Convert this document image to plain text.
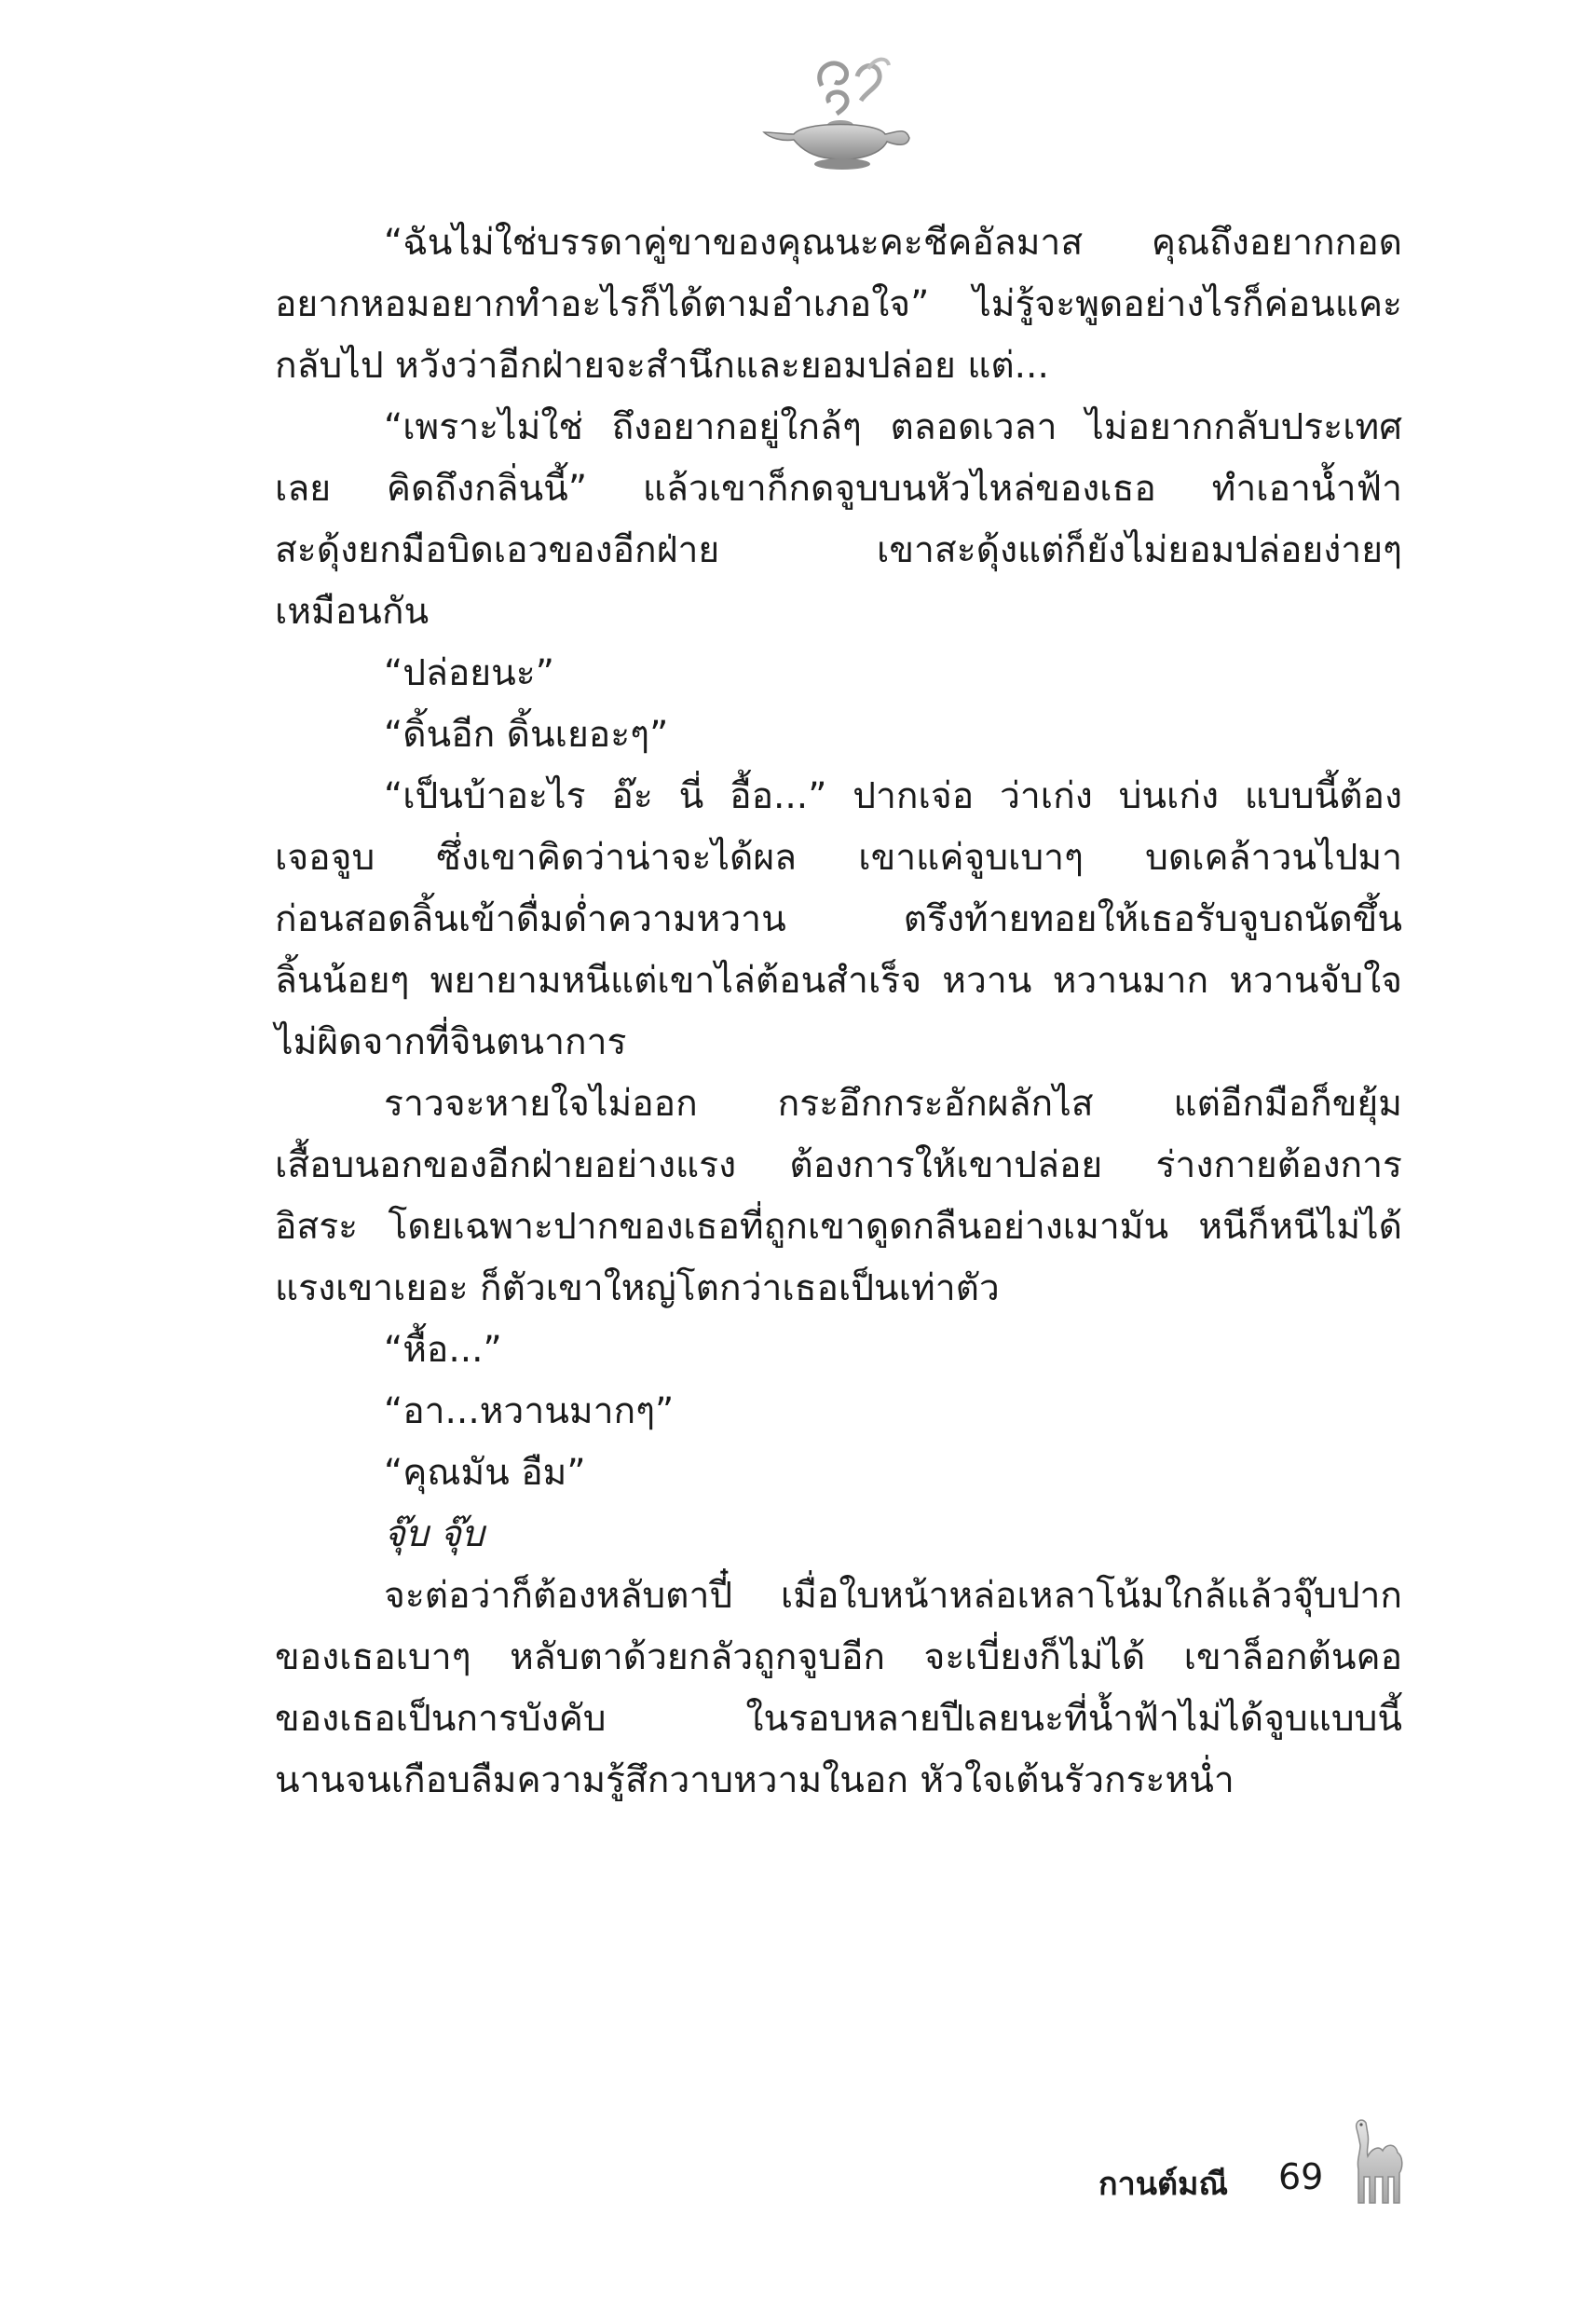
“ฉันไม่ใช่บรรดาคู่ขาของคุณนะคะชีคอัลมาส คุณถึงอยากกอด
อยากหอมอยากทำอะไรก็ได้ตามอำเภอใจ” ไม่รู้จะพูดอย่างไรก็ค่อนแคะ
กลับไป หวังว่าอีกฝ่ายจะสำนึกและยอมปล่อย แต่...
“เพราะไม่ใช่ ถึงอยากอยู่ใกล้ๆ ตลอดเวลา ไม่อยากกลับประเทศ
เลย คิดถึงกลิ่นนี้” แล้วเขาก็กดจูบบนหัวไหล่ของเธอ ทำเอาน้ำฟ้า
สะดุ้งยกมือบิดเอวของอีกฝ่าย เขาสะดุ้งแต่ก็ยังไม่ยอมปล่อยง่ายๆ
เหมือนกัน
“ปล่อยนะ”
“ดิ้นอีก ดิ้นเยอะๆ”
“เป็นบ้าอะไร อ๊ะ นี่ อื้อ...” ปากเจ่อ ว่าเก่ง บ่นเก่ง แบบนี้ต้อง
เจอจูบ ซึ่งเขาคิดว่าน่าจะได้ผล เขาแค่จูบเบาๆ บดเคล้าวนไปมา
ก่อนสอดลิ้นเข้าดื่มด่ำความหวาน ตรึงท้ายทอยให้เธอรับจูบถนัดขึ้น
ลิ้นน้อยๆ พยายามหนีแต่เขาไล่ต้อนสำเร็จ หวาน หวานมาก หวานจับใจ
ไม่ผิดจากที่จินตนาการ
ราวจะหายใจไม่ออก กระอึกกระอักผลักไส แต่อีกมือก็ขยุ้ม
เสื้อบนอกของอีกฝ่ายอย่างแรง ต้องการให้เขาปล่อย ร่างกายต้องการ
อิสระ โดยเฉพาะปากของเธอที่ถูกเขาดูดกลืนอย่างเมามัน หนีก็หนีไม่ได้
แรงเขาเยอะ ก็ตัวเขาใหญ่โตกว่าเธอเป็นเท่าตัว
“หื้อ...”
“อา...หวานมากๆ”
“คุณมัน อืม”
จุ๊บ จุ๊บ
จะต่อว่าก็ต้องหลับตาปี๋ เมื่อใบหน้าหล่อเหลาโน้มใกล้แล้วจุ๊บปาก
ของเธอเบาๆ หลับตาด้วยกลัวถูกจูบอีก จะเบี่ยงก็ไม่ได้ เขาล็อกต้นคอ
ของเธอเป็นการบังคับ ในรอบหลายปีเลยนะที่น้ำฟ้าไม่ได้จูบแบบนี้
นานจนเกือบลืมความรู้สึกวาบหวามในอก หัวใจเต้นรัวกระหน่ำ
กานต์มณี 69
